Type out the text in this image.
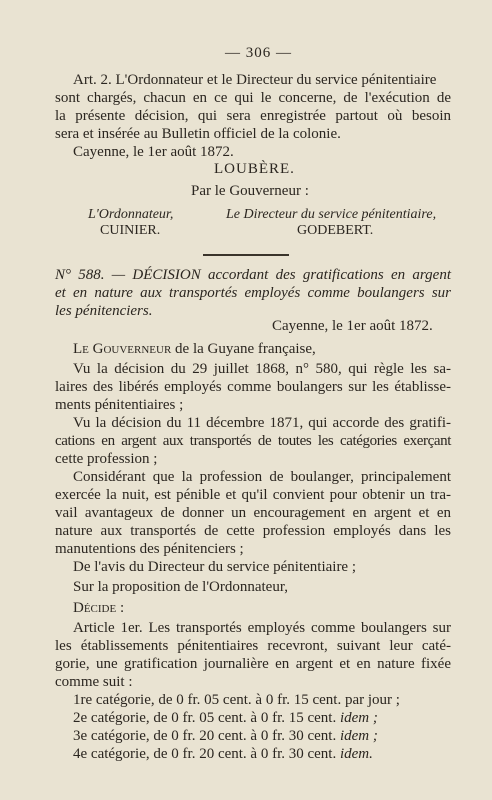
— 306 —
Art. 2. L'Ordonnateur et le Directeur du service pénitentiaire
sont chargés, chacun en ce qui le concerne, de l'exécution de
la présente décision, qui sera enregistrée partout où besoin
sera et insérée au Bulletin officiel de la colonie.
Cayenne, le 1er août 1872.
LOUBÈRE.
Par le Gouverneur :
L'Ordonnateur,	Le Directeur du service pénitentiaire,
CUINIER.	GODEBERT.
N° 588. — DÉCISION accordant des gratifications en argent
et en nature aux transportés employés comme boulangers sur
les pénitenciers.
Cayenne, le 1er août 1872.
Le Gouverneur de la Guyane française,
Vu la décision du 29 juillet 1868, n° 580, qui règle les sa-
laires des libérés employés comme boulangers sur les établisse-
ments pénitentiaires ;
Vu la décision du 11 décembre 1871, qui accorde des gratifi-
cations en argent aux transportés de toutes les catégories exerçant
cette profession ;
Considérant que la profession de boulanger, principalement
exercée la nuit, est pénible et qu'il convient pour obtenir un tra-
vail avantageux de donner un encouragement en argent et en
nature aux transportés de cette profession employés dans les
manutentions des pénitenciers ;
De l'avis du Directeur du service pénitentiaire ;
Sur la proposition de l'Ordonnateur,
Décide :
Article 1er. Les transportés employés comme boulangers sur
les établissements pénitentiaires recevront, suivant leur caté-
gorie, une gratification journalière en argent et en nature fixée
comme suit :
1re catégorie, de 0 fr. 05 cent. à 0 fr. 15 cent. par jour ;
2e catégorie, de 0 fr. 05 cent. à 0 fr. 15 cent. idem ;
3e catégorie, de 0 fr. 20 cent. à 0 fr. 30 cent. idem ;
4e catégorie, de 0 fr. 20 cent. à 0 fr. 30 cent. idem.
